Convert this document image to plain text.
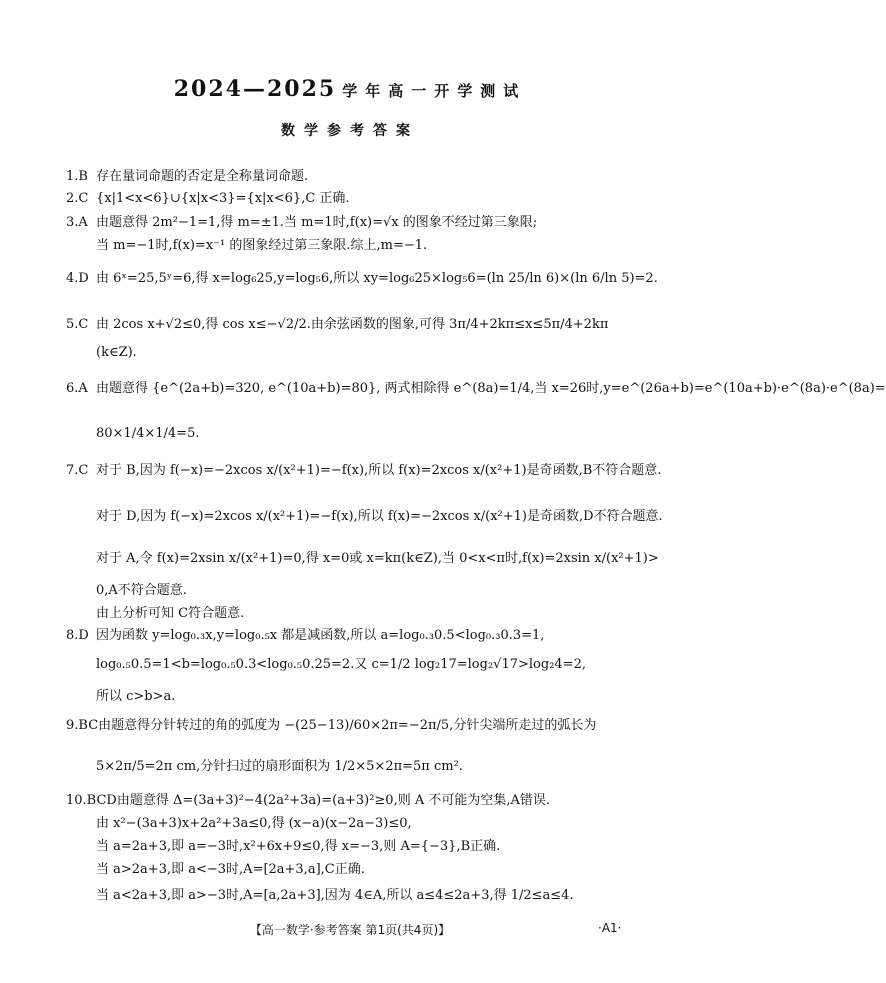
2024—2025 学年高一开学测试
数学参考答案
1.B 存在量词命题的否定是全称量词命题.
2.C {x|1<x<6}∪{x|x<3}={x|x<6},C 正确.
3.A 由题意得 2m²−1=1,得 m=±1.当 m=1时,f(x)=√x 的图象不经过第三象限;
当 m=−1时,f(x)=x⁻¹ 的图象经过第三象限.综上,m=−1.
4.D 由 6ˣ=25,5ʸ=6,得 x=log₆25,y=log₅6,所以 xy=log₆25×log₅6=(ln 25/ln 6)×(ln 6/ln 5)=2.
5.C 由 2cos x+√2≤0,得 cos x≤−√2/2.由余弦函数的图象,可得 3π/4+2kπ≤x≤5π/4+2kπ
(k∈Z).
6.A 由题意得 {e^(2a+b)=320, e^(10a+b)=80}, 两式相除得 e^(8a)=1/4,当 x=26时,y=e^(26a+b)=e^(10a+b)·e^(8a)·e^(8a)=
80×1/4×1/4=5.
7.C 对于 B,因为 f(−x)=−2xcos x/(x²+1)=−f(x),所以 f(x)=2xcos x/(x²+1)是奇函数,B不符合题意.
对于 D,因为 f(−x)=2xcos x/(x²+1)=−f(x),所以 f(x)=−2xcos x/(x²+1)是奇函数,D不符合题意.
对于 A,令 f(x)=2xsin x/(x²+1)=0,得 x=0或 x=kπ(k∈Z),当 0<x<π时,f(x)=2xsin x/(x²+1)>
0,A不符合题意.
由上分析可知 C符合题意.
8.D 因为函数 y=log₀.₃x,y=log₀.₅x 都是减函数,所以 a=log₀.₃0.5<log₀.₃0.3=1,
log₀.₅0.5=1<b=log₀.₅0.3<log₀.₅0.25=2.又 c=1/2 log₂17=log₂√17>log₂4=2,
所以 c>b>a.
9.BC由题意得分针转过的角的弧度为 −(25−13)/60×2π=−2π/5,分针尖端所走过的弧长为
5×2π/5=2π cm,分针扫过的扇形面积为 1/2×5×2π=5π cm².
10.BCD由题意得 Δ=(3a+3)²−4(2a²+3a)=(a+3)²≥0,则 A 不可能为空集,A错误.
由 x²−(3a+3)x+2a²+3a≤0,得 (x−a)(x−2a−3)≤0,
当 a=2a+3,即 a=−3时,x²+6x+9≤0,得 x=−3,则 A={−3},B正确.
当 a>2a+3,即 a<−3时,A=[2a+3,a],C正确.
当 a<2a+3,即 a>−3时,A=[a,2a+3],因为 4∈A,所以 a≤4≤2a+3,得 1/2≤a≤4.
【高一数学·参考答案 第1页(共4页)】	·A1·
